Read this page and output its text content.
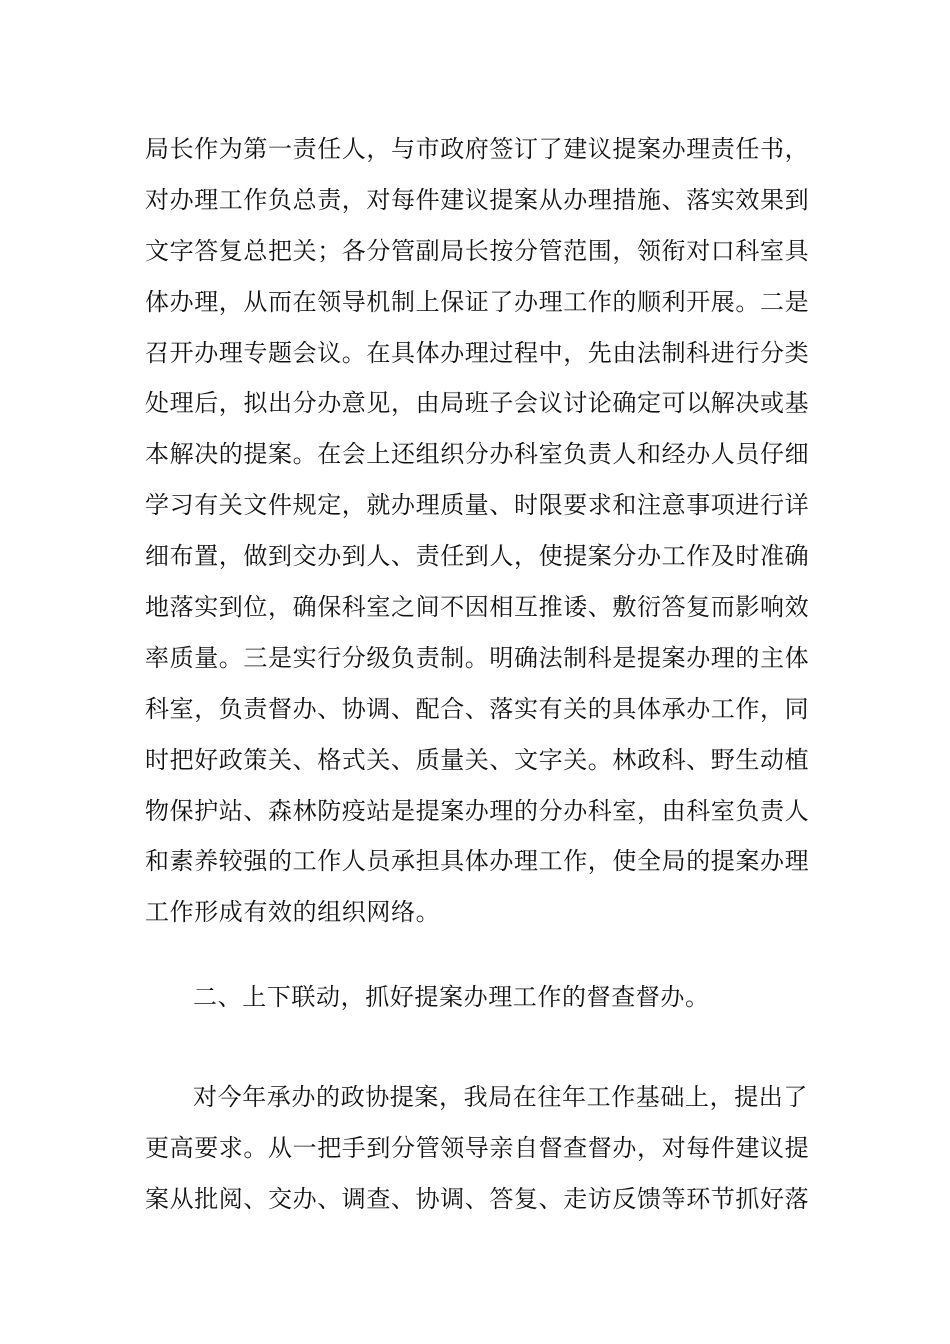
局长作为第一责任人，与市政府签订了建议提案办理责任书，
对办理工作负总责，对每件建议提案从办理措施、落实效果到
文字答复总把关；各分管副局长按分管范围，领衔对口科室具
体办理，从而在领导机制上保证了办理工作的顺利开展。二是
召开办理专题会议。在具体办理过程中，先由法制科进行分类
处理后，拟出分办意见，由局班子会议讨论确定可以解决或基
本解决的提案。在会上还组织分办科室负责人和经办人员仔细
学习有关文件规定，就办理质量、时限要求和注意事项进行详
细布置，做到交办到人、责任到人，使提案分办工作及时准确
地落实到位，确保科室之间不因相互推诿、敷衍答复而影响效
率质量。三是实行分级负责制。明确法制科是提案办理的主体
科室，负责督办、协调、配合、落实有关的具体承办工作，同
时把好政策关、格式关、质量关、文字关。林政科、野生动植
物保护站、森林防疫站是提案办理的分办科室，由科室负责人
和素养较强的工作人员承担具体办理工作，使全局的提案办理
工作形成有效的组织网络。
二、上下联动，抓好提案办理工作的督查督办。
对今年承办的政协提案，我局在往年工作基础上，提出了
更高要求。从一把手到分管领导亲自督查督办，对每件建议提
案从批阅、交办、调查、协调、答复、走访反馈等环节抓好落
